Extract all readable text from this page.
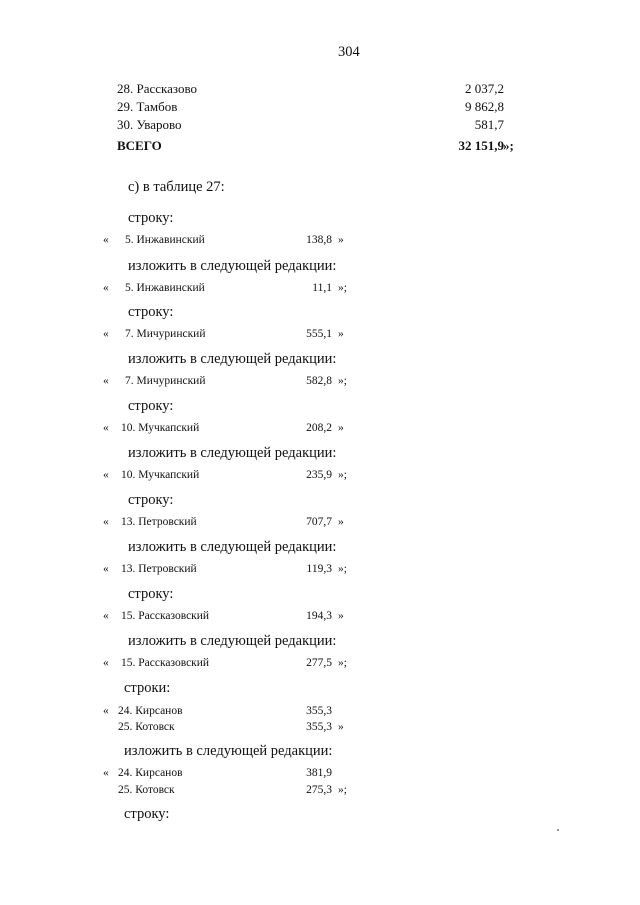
304
28. Рассказово	2 037,2
29. Тамбов	9 862,8
30. Уварово	581,7
ВСЕГО	32 151,9 »;
с) в таблице 27:
строку:
« 5. Инжавинский	138,8 »
изложить в следующей редакции:
« 5. Инжавинский	11,1 »;
строку:
« 7. Мичуринский	555,1 »
изложить в следующей редакции:
« 7. Мичуринский	582,8 »;
строку:
« 10. Мучкапский	208,2 »
изложить в следующей редакции:
« 10. Мучкапский	235,9 »;
строку:
« 13. Петровский	707,7 »
изложить в следующей редакции:
« 13. Петровский	119,3 »;
строку:
« 15. Рассказовский	194,3 »
изложить в следующей редакции:
« 15. Рассказовский	277,5 »;
строки:
« 24. Кирсанов	355,3
25. Котовск	355,3 »
изложить в следующей редакции:
« 24. Кирсанов	381,9
25. Котовск	275,3 »;
строку:
